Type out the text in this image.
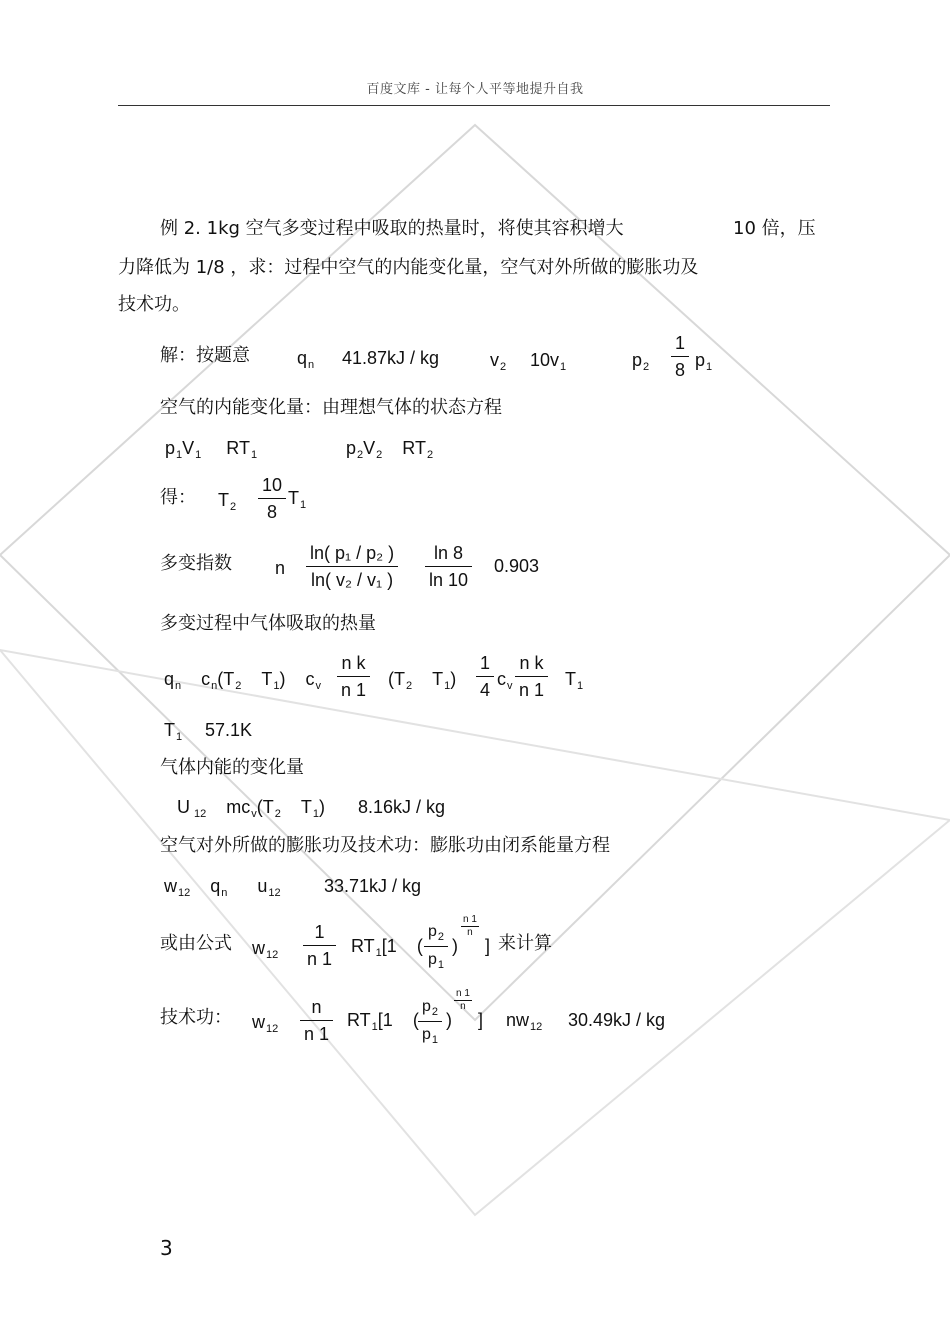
百度文库 - 让每个人平等地提升自我
例 2. 1kg 空气多变过程中吸取的热量时，将使其容积增大	10 倍，压
力降低为 1/8 ，求：过程中空气的内能变化量，空气对外所做的膨胀功及
技术功。
解：按题意	$q_n$ 41.87kJ / kg	$v_2$ $10v_1$	$p_2 \frac{1}{8} p_1$
空气的内能变化量：由理想气体的状态方程
$p_1V_1$     $RT_1$	$p_2V_2$    $RT_2$
得： $T_2 \frac{10}{8} T_1$
多变指数 n $\frac{\text{ln( p₁ / p₂ )}}{\text{ln( v₂ / v₁ )}} \frac{\ln 8}{\ln 10} 0.903$
多变过程中气体吸取的热量
$q_n$    $c_n(T_2$    $T_1$)    $c_v \frac{\text{n k}}{n 1} (T_2$    $T_1) \frac{1}{4} c_v \frac{\text{n k}}{n 1} T_1$
$T_1$ 57.1K
气体内能的变化量
U $_{12}$    $mc_v(T_2$    $T_1$) 8.16kJ / kg
空气对外所做的膨胀功及技术功：膨胀功由闭系能量方程
$w_{12}$    $q_n$      $u_{12}$ 33.71kJ / kg
或由公式 $w_{12} \frac{1}{n 1} RT_1[1$    ( $\frac{p_2}{p_1}$ )
$\frac{n 1}{n}$
] 来计算
技术功： $w_{12} \frac{n}{n 1} RT_1[1$    ( $\frac{p_2}{p_1}$ )
$\frac{n 1}{n}$
] $nw_{12}$ 30.49kJ / kg
3
